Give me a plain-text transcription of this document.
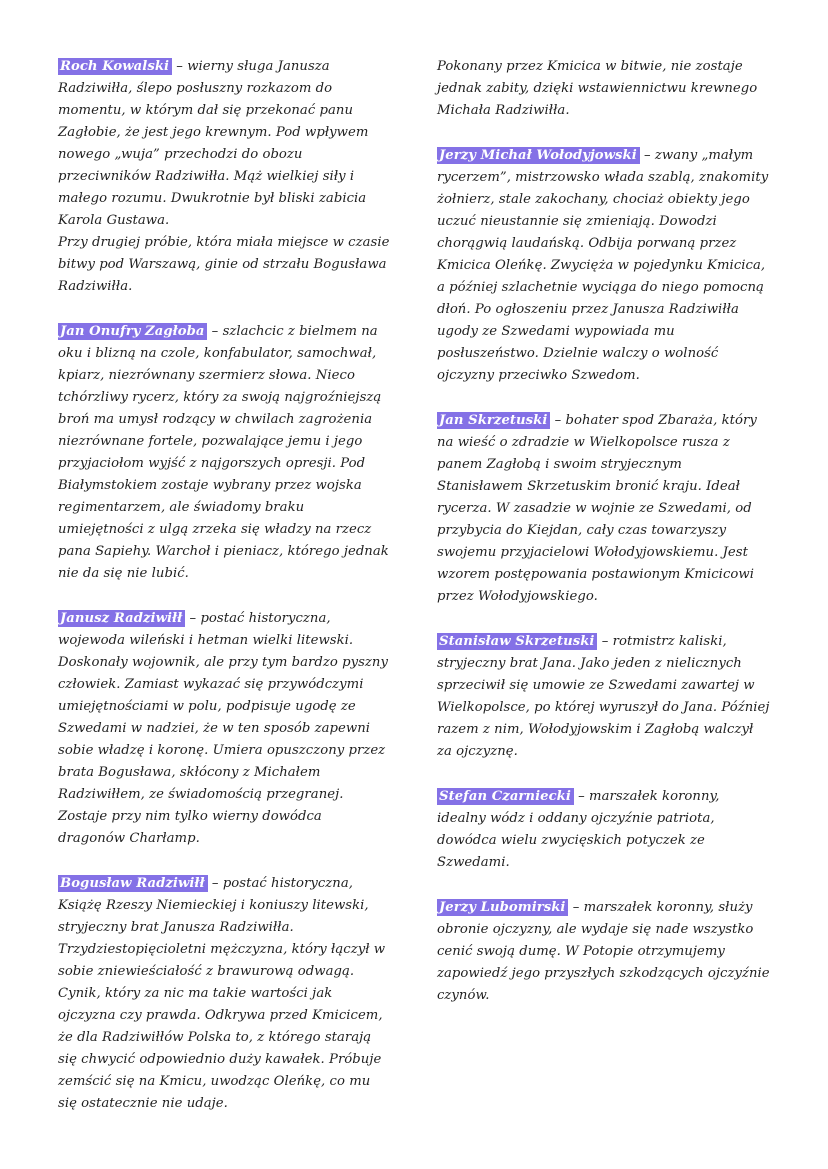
Roch Kowalski – wierny sługa Janusza Radziwiłła, ślepo posłuszny rozkazom do momentu, w którym dał się przekonać panu Zagłobie, że jest jego krewnym. Pod wpływem nowego „wuja” przechodzi do obozu przeciwników Radziwiłła. Mąż wielkiej siły i małego rozumu. Dwukrotnie był bliski zabicia Karola Gustawa.

Przy drugiej próbie, która miała miejsce w czasie bitwy pod Warszawą, ginie od strzału Bogusława Radziwiłła.

Jan Onufry Zagłoba – szlachcic z bielmem na oku i blizną na czole, konfabulator, samochwał, kpiarz, niezrównany szermierz słowa. Nieco tchórzliwy rycerz, który za swoją najgroźniejszą broń ma umysł rodzący w chwilach zagrożenia niezrównane fortele, pozwalające jemu i jego przyjaciołom wyjść z najgorszych opresji. Pod Białymstokiem zostaje wybrany przez wojska regimentarzem, ale świadomy braku umiejętności z ulgą zrzeka się władzy na rzecz pana Sapiehy. Warchoł i pieniacz, którego jednak nie da się nie lubić.

Janusz Radziwiłł – postać historyczna, wojewoda wileński i hetman wielki litewski. Doskonały wojownik, ale przy tym bardzo pyszny człowiek. Zamiast wykazać się przywódczymi umiejętnościami w polu, podpisuje ugodę ze Szwedami w nadziei, że w ten sposób zapewni sobie władzę i koronę. Umiera opuszczony przez brata Bogusława, skłócony z Michałem Radziwiłłem, ze świadomością przegranej. Zostaje przy nim tylko wierny dowódca dragonów Charłamp.

Bogusław Radziwiłł – postać historyczna, Książę Rzeszy Niemieckiej i koniuszy litewski, stryjeczny brat Janusza Radziwiłła. Trzydziestopięcioletni mężczyzna, który łączył w sobie zniewieściałość z brawurową odwagą. Cynik, który za nic ma takie wartości jak ojczyzna czy prawda. Odkrywa przed Kmicicem, że dla Radziwiłłów Polska to, z którego starają się chwycić odpowiednio duży kawałek. Próbuje zemścić się na Kmicu, uwodząc Oleńkę, co mu się ostatecznie nie udaje.

Pokonany przez Kmicica w bitwie, nie zostaje jednak zabity, dzięki wstawiennictwu krewnego Michała Radziwiłła.

Jerzy Michał Wołodyjowski – zwany „małym rycerzem”, mistrzowsko włada szablą, znakomity żołnierz, stale zakochany, chociaż obiekty jego uczuć nieustannie się zmieniają. Dowodzi chorągwią laudańską. Odbija porwaną przez Kmicica Oleńkę. Zwycięża w pojedynku Kmicica, a później szlachetnie wyciąga do niego pomocną dłoń. Po ogłoszeniu przez Janusza Radziwiłła ugody ze Szwedami wypowiada mu posłuszeństwo. Dzielnie walczy o wolność ojczyzny przeciwko Szwedom.

Jan Skrzetuski – bohater spod Zbaraża, który na wieść o zdradzie w Wielkopolsce rusza z panem Zagłobą i swoim stryjecznym Stanisławem Skrzetuskim bronić kraju. Ideał rycerza. W zasadzie w wojnie ze Szwedami, od przybycia do Kiejdan, cały czas towarzyszy swojemu przyjacielowi Wołodyjowskiemu. Jest wzorem postępowania postawionym Kmicicowi przez Wołodyjowskiego.

Stanisław Skrzetuski – rotmistrz kaliski, stryjeczny brat Jana. Jako jeden z nielicznych sprzeciwił się umowie ze Szwedami zawartej w Wielkopolsce, po której wyruszył do Jana. Później razem z nim, Wołodyjowskim i Zagłobą walczył za ojczyznę.

Stefan Czarniecki – marszałek koronny, idealny wódz i oddany ojczyźnie patriota, dowódca wielu zwycięskich potyczek ze Szwedami.

Jerzy Lubomirski – marszałek koronny, służy obronie ojczyzny, ale wydaje się nade wszystko cenić swoją dumę. W Potopie otrzymujemy zapowiedź jego przyszłych szkodzących ojczyźnie czynów.
